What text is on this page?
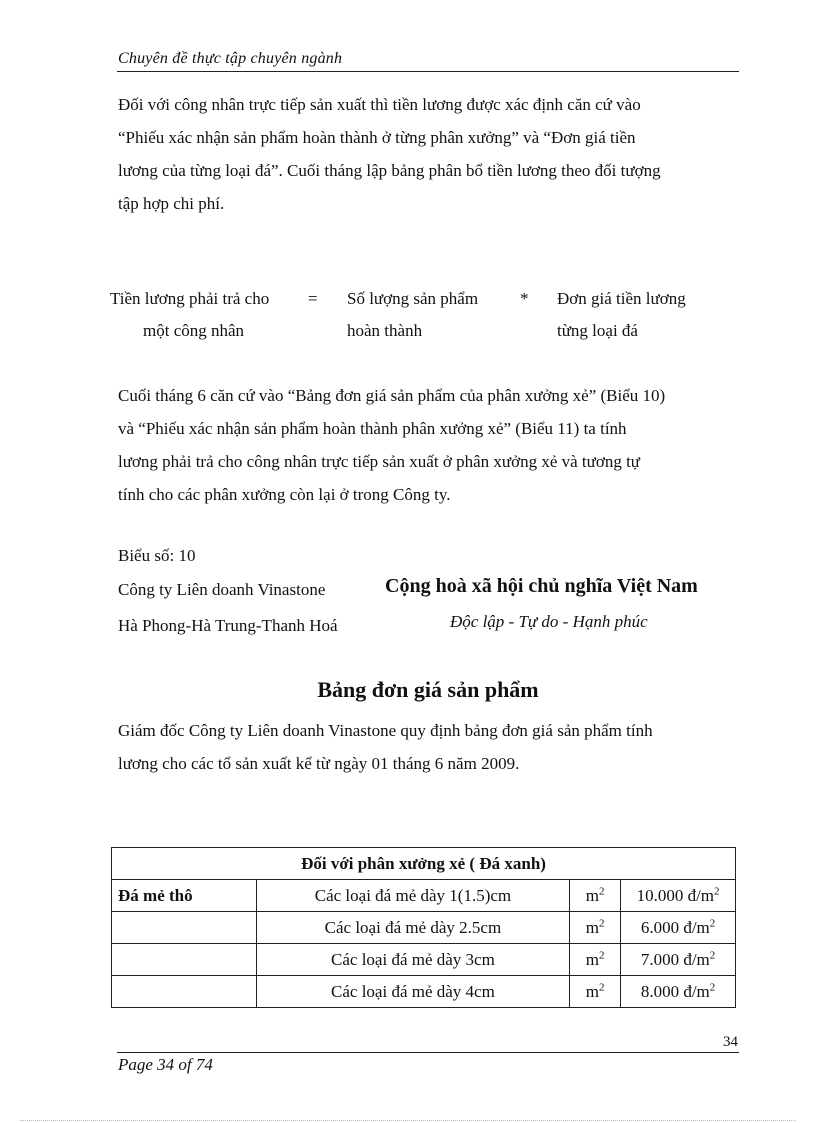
Chuyên đề thực tập chuyên ngành

Đối với công nhân trực tiếp sản xuất thì tiền lương được xác định căn cứ vào

“Phiếu xác nhận sản phẩm hoàn thành ở từng phân xưởng” và “Đơn giá tiền

lương của từng loại đá”. Cuối tháng lập bảng phân bổ tiền lương theo đối tượng

tập hợp chi phí.

Tiền lương phải trả cho
một công nhân
= Số lượng sản phẩm
hoàn thành
* Đơn giá tiền lương
từng loại đá

Cuối tháng 6 căn cứ vào “Bảng đơn giá sản phẩm của phân xưởng xẻ” (Biểu 10)

và “Phiếu xác nhận sản phẩm hoàn thành phân xưởng xẻ” (Biểu 11) ta tính

lương phải trả cho công nhân trực tiếp sản xuất ở phân xưởng xẻ và tương tự

tính cho các phân xưởng còn lại ở trong Công ty.

Biểu số: 10
Công ty Liên doanh Vinastone
Hà Phong-Hà Trung-Thanh Hoá
Cộng hoà xã hội chủ nghĩa Việt Nam
Độc lập - Tự do - Hạnh phúc
Bảng đơn giá sản phẩm

Giám đốc Công ty Liên doanh Vinastone quy định bảng đơn giá sản phẩm tính

lương cho các tổ sản xuất kể từ ngày 01 tháng 6 năm 2009.

Đối với phân xưởng xẻ ( Đá xanh)			
Đá mẻ thô	Các loại đá mẻ dày 1(1.5)cm	$m^2$	10.000 $đ/m^2$
	Các loại đá mẻ dày 2.5cm	$m^2$	6.000 $đ/m^2$
	Các loại đá mẻ dày 3cm	$m^2$	7.000 $đ/m^2$
	Các loại đá mẻ dày 4cm	$m^2$	8.000 $đ/m^2$
34
Page 34 of 74
